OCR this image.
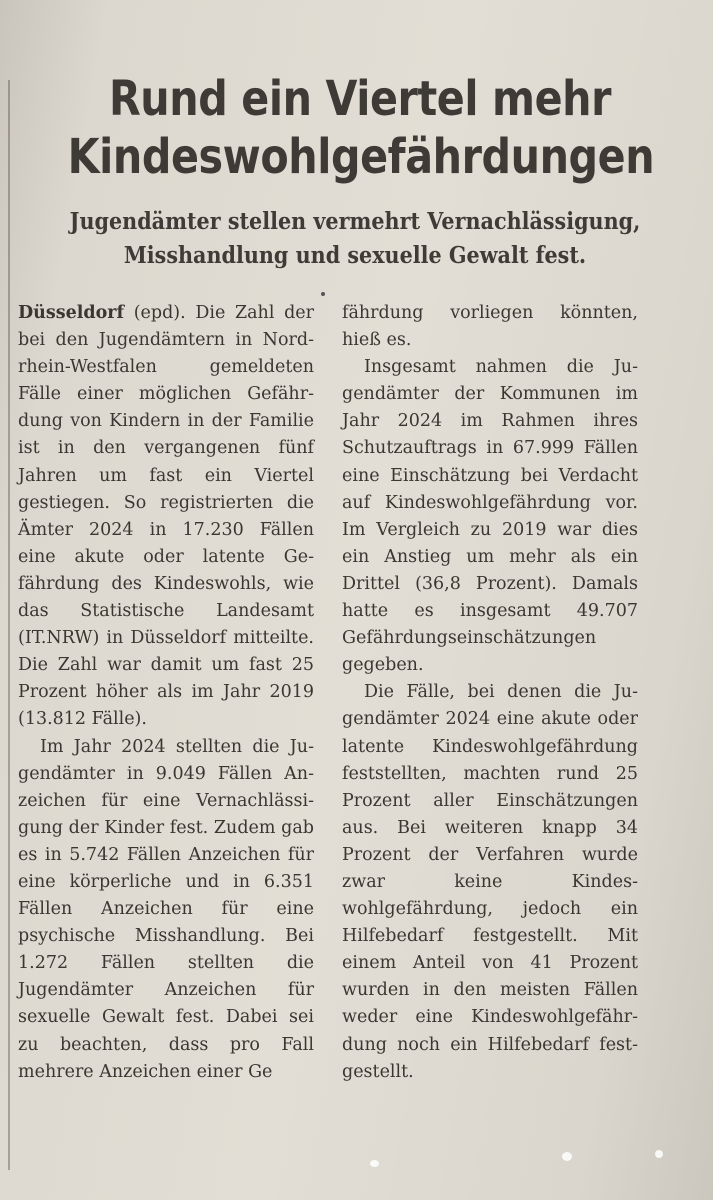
Rund ein Viertel mehr
Kindeswohlgefährdungen
Jugendämter stellen vermehrt Vernachlässigung,
Misshandlung und sexuelle Gewalt fest.

Düsseldorf (epd). Die Zahl der bei den Jugendämtern in Nordrhein-Westfalen gemeldeten Fälle einer möglichen Gefährdung von Kindern in der Familie ist in den vergangenen fünf Jahren um fast ein Viertel gestiegen. So registrierten die Ämter 2024 in 17.230 Fällen eine akute oder latente Gefährdung des Kindeswohls, wie das Statistische Landesamt (IT.NRW) in Düsseldorf mitteilte. Die Zahl war damit um fast 25 Prozent höher als im Jahr 2019 (13.812 Fälle).

Im Jahr 2024 stellten die Jugendämter in 9.049 Fällen Anzeichen für eine Vernachlässigung der Kinder fest. Zudem gab es in 5.742 Fällen Anzeichen für eine körperliche und in 6.351 Fällen Anzeichen für eine psychische Misshandlung. Bei 1.272 Fällen stellten die Jugendämter Anzeichen für sexuelle Gewalt fest. Dabei sei zu beachten, dass pro Fall mehrere Anzeichen einer Ge

fährdung vorliegen könnten, hieß es.

Insgesamt nahmen die Jugendämter der Kommunen im Jahr 2024 im Rahmen ihres Schutzauftrags in 67.999 Fällen eine Einschätzung bei Verdacht auf Kindeswohlgefährdung vor. Im Vergleich zu 2019 war dies ein Anstieg um mehr als ein Drittel (36,8 Prozent). Damals hatte es insgesamt 49.707 Gefährdungseinschätzungen gegeben.

Die Fälle, bei denen die Jugendämter 2024 eine akute oder latente Kindeswohlgefährdung feststellten, machten rund 25 Prozent aller Einschätzungen aus. Bei weiteren knapp 34 Prozent der Verfahren wurde zwar keine Kindeswohlgefährdung, jedoch ein Hilfebedarf festgestellt. Mit einem Anteil von 41 Prozent wurden in den meisten Fällen weder eine Kindeswohlgefährdung noch ein Hilfebedarf festgestellt.
